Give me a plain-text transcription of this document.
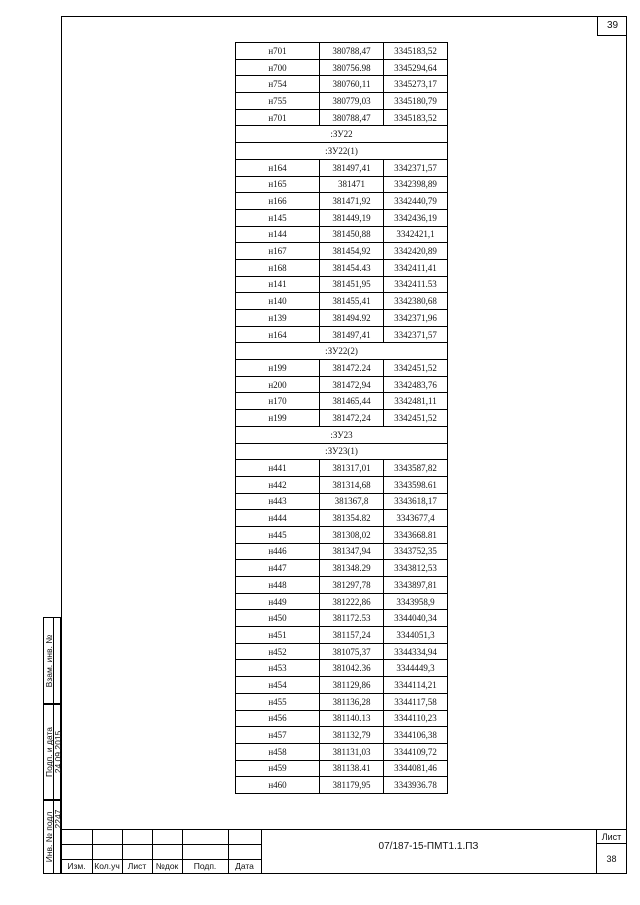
39
н701	380788,47	3345183,52
н700	380756.98	3345294,64
н754	380760,11	3345273,17
н755	380779,03	3345180,79
н701	380788,47	3345183,52
:ЗУ22		
:ЗУ22(1)		
н164	381497,41	3342371,57
н165	381471	3342398,89
н166	381471,92	3342440,79
н145	381449,19	3342436,19
н144	381450,88	3342421,1
н167	381454,92	3342420,89
н168	381454.43	3342411,41
н141	381451,95	3342411.53
н140	381455,41	3342380,68
н139	381494.92	3342371,96
н164	381497,41	3342371,57
:ЗУ22(2)		
н199	381472.24	3342451,52
н200	381472,94	3342483,76
н170	381465,44	3342481,11
н199	381472,24	3342451,52
:ЗУ23		
:ЗУ23(1)		
н441	381317,01	3343587,82
н442	381314,68	3343598.61
н443	381367,8	3343618,17
н444	381354.82	3343677,4
н445	381308,02	3343668.81
н446	381347,94	3343752,35
н447	381348.29	3343812,53
н448	381297,78	3343897,81
н449	381222,86	3343958,9
н450	381172.53	3344040,34
н451	381157,24	3344051,3
н452	381075,37	3344334,94
н453	381042.36	3344449,3
н454	381129,86	3344114,21
н455	381136,28	3344117,58
н456	381140.13	3344110,23
н457	381132,79	3344106,38
н458	381131,03	3344109,72
н459	381138.41	3344081,46
н460	381179,95	3343936.78
Взам. инв. №
Подп. и дата 24.09.2015
Инв. № подл 2247
Изм.	Кол.уч Лист	№док	Подп.	Дата
07/187-15-ПМТ1.1.ПЗ
Лист
38
